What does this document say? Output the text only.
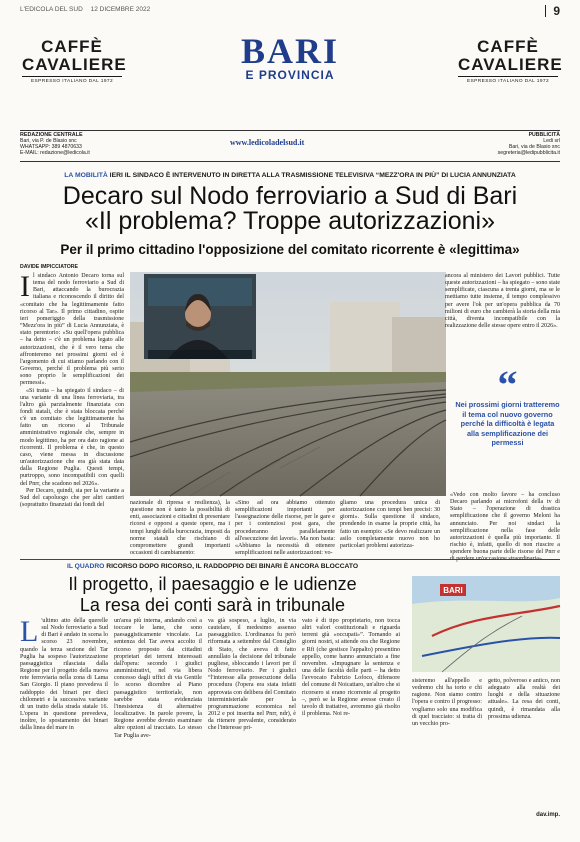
L'EDICOLA DEL SUD 12 DICEMBRE 2022	9
CAFFÈ
CAVALIERE
ESPRESSO ITALIANO DAL 1972
CAFFÈ
CAVALIERE
ESPRESSO ITALIANO DAL 1972
BARI
E PROVINCIA
www.ledicoladelsud.it
REDAZIONE CENTRALE
Bari, via P. de Blasio snc
WHATSAPP: 389 4870633
E-MAIL: redazione@ledicola.it
PUBBLICITÀ
Ledi srl
Bari, via de Blasio snc
segreteria@ledipubblicita.it
LA MOBILITÀ IERI IL SINDACO È INTERVENUTO IN DIRETTA ALLA TRASMISSIONE TELEVISIVA “MEZZ'ORA IN PIÙ” DI LUCIA ANNUNZIATA
Decaro sul Nodo ferroviario a Sud di Bari
«Il problema? Troppe autorizzazioni»
Per il primo cittadino l'opposizione del comitato ricorrente è «legittima»
DAVIDE IMPICCIATORE
I l sindaco Antonio Decaro torna sul tema del nodo ferroviario a Sud di Bari, attaccando la burocrazia italiana e riconoscendo il diritto del «comitato che ha legittimamente fatto ricorso al Tar». Il primo cittadino, ospite ieri pomeriggio della trasmissione “Mezz'ora in più” di Lucia Annunziata, è stato perentorio: «Su quell'opera pubblica – ha detto – c'è un problema legato alle autorizzazioni, che è il vero tema che affronteremo nei prossimi giorni ed è l'argomento di cui stiamo parlando con il Governo, perché il problema più serio sono proprio le semplificazioni dei permessi».

«Si tratta – ha spiegato il sindaco – di una variante di una linea ferroviaria, tra l'altro già parzialmente finanziata con fondi statali, che è stata bloccata perché c'è un comitato che legittimamente ha fatto un ricorso al Tribunale amministrativo regionale che, sempre in modo legittimo, ha per ora dato ragione ai ricorrenti. Il problema è che, in questo caso, viene messa in discussione un'autorizzazione che era già stata data dalla Regione Puglia. Questi tempi, purtroppo, sono incompatibili con quelli del Pnrr, che scadono nel 2026».

Per Decaro, quindi, sia per la variante a Sud del capoluogo che per altri cantieri (soprattutto finanziati dai fondi del	nazionale di ripresa e resilienza), la questione non è tanto la possibilità di enti, associazioni e cittadini di presentare ricorsi e opporsi a queste opere, ma i tempi lunghi della burocrazia, imposti da norme statali che rischiano di compromettere grandi importanti occasioni di cambiamento:
«Sino ad ora abbiamo ottenuto semplificazioni importanti per l'assegnazione delle risorse, per le gare e per i contenziosi post gara, che procederanno parallelamente all'esecuzione dei lavori». Ma non basta: «Abbiamo la necessità di ottenere semplificazioni nelle autorizzazioni: vo-
gliamo una procedura unica di autorizzazione con tempi ben precisi: 30 giorni». Sulla questione il sindaco, prendendo in esame la proprie città, ha fatto un esempio: «Se devo realizzare un asilo completamente nuovo non ho particolari problemi autorizza-
ancora al ministero dei Lavori pubblici. Tutte queste autorizzazioni – ha spiegato – sono state semplificate, ciascuna a trenta giorni, ma se le mettiamo tutte insieme, il tempo complessivo per avere l'ok per un'opera pubblica da 70 milioni di euro che cambierà la storia della mia città, diventa incompatibile con la realizzazione delle stesse opere entro il 2026».
“
Nei prossimi giorni tratteremo il tema col nuovo governo perché la difficoltà è legata alla semplificazione dei permessi
«Vedo con molto favore – ha concluso Decaro parlando ai microfoni della tv di Stato – l'operazione di drastica semplificazione che il governo Meloni ha annunciato. Per noi sindaci la semplificazione nella fase delle autorizzazioni è quella più importante. Il rischio è, infatti, quello di non riuscire a spendere buona parte delle risorse del Pnrr e
IL QUADRO RICORSO DOPO RICORSO, IL RADDOPPIO DEI BINARI È ANCORA BLOCCATO
Il progetto, il paesaggio e le udienze
La resa dei conti sarà in tribunale
BARI
L 'ultimo atto della querelle sul Nodo ferroviario a Sud di Bari è andato in scena lo scorso 23 novembre, quando la terza sezione del Tar Puglia ha sospeso l'autorizzazione paesaggistica rilasciata dalla Regione per il progetto della nuova rete ferroviaria nella zona di Lama San Giorgio. Il piano prevedeva il raddoppio dei binari per dieci chilometri e la successiva variante di un tratto della strada statale 16. L'opera in questione prevedeva, inoltre, lo spostamento dei binari dalla linea del mare in
un'area più interna, andando così a toccare le lame, che sono paesaggisticamente vincolate. La sentenza del Tar aveva accolto il ricorso proposto dai cittadini proprietari dei terreni interessati dall'opera: secondo i giudici amministrativi, nel via libera concesso dagli uffici di via Gentile lo scorso dicembre al Piano paesaggistico territoriale, non sarebbe stata evidenziata l'inesistenza di alternative localizzative. In parole povere, la Regione avrebbe dovuto esaminare altre opzioni al tracciato. Lo stesso Tar Puglia ave-
va già sospeso, a luglio, in via cautelare, il medesimo assenso paesaggistico. L'ordinanza fu però riformata a settembre dal Consiglio di Stato, che aveva di fatto annullato la decisione del tribunale pugliese, sbloccando i lavori per il Nodo ferroviario. Per i giudici “l'interesse alla prosecuzione della procedura (l'opera era stata infatti approvata con delibera del Comitato interministeriale per la programmazione economica nel 2012 e poi inserita nel Pnrr, ndr), è da ritenere prevalente, considerato che l'interesse pri-
vato è di tipo proprietario, non tocca altri valori costituzionali e riguarda terreni già «occupati»”. Tornando ai giorni nostri, si attende ora che Regione e Rfi (che gestisce l'appalto) presentino appello, come hanno annunciato a fine novembre. «Impugnare la sentenza e una delle facoltà delle parti – ha detto l'avvocato Fabrizio Lofoco, difensore del comune di Noicattaro, un'altro che si ricorsero si erano ricorrente al progetto –, però se la Regione avesse creato il tavolo di trattative, avremmo già risolto il problema. Noi re-
sisteremo all'appello e vedremo chi ha torto e chi ragione. Non siamo contro l'opera e contro il progresso: vogliamo solo una modifica di quel tracciato: si tratta di un vecchio pro-
getto, polveroso e antico, non adeguato alla realtà dei luoghi e della situazione attuale». La resa dei conti, quindi, è rimandata alla prossima udienza.
dav.imp.
